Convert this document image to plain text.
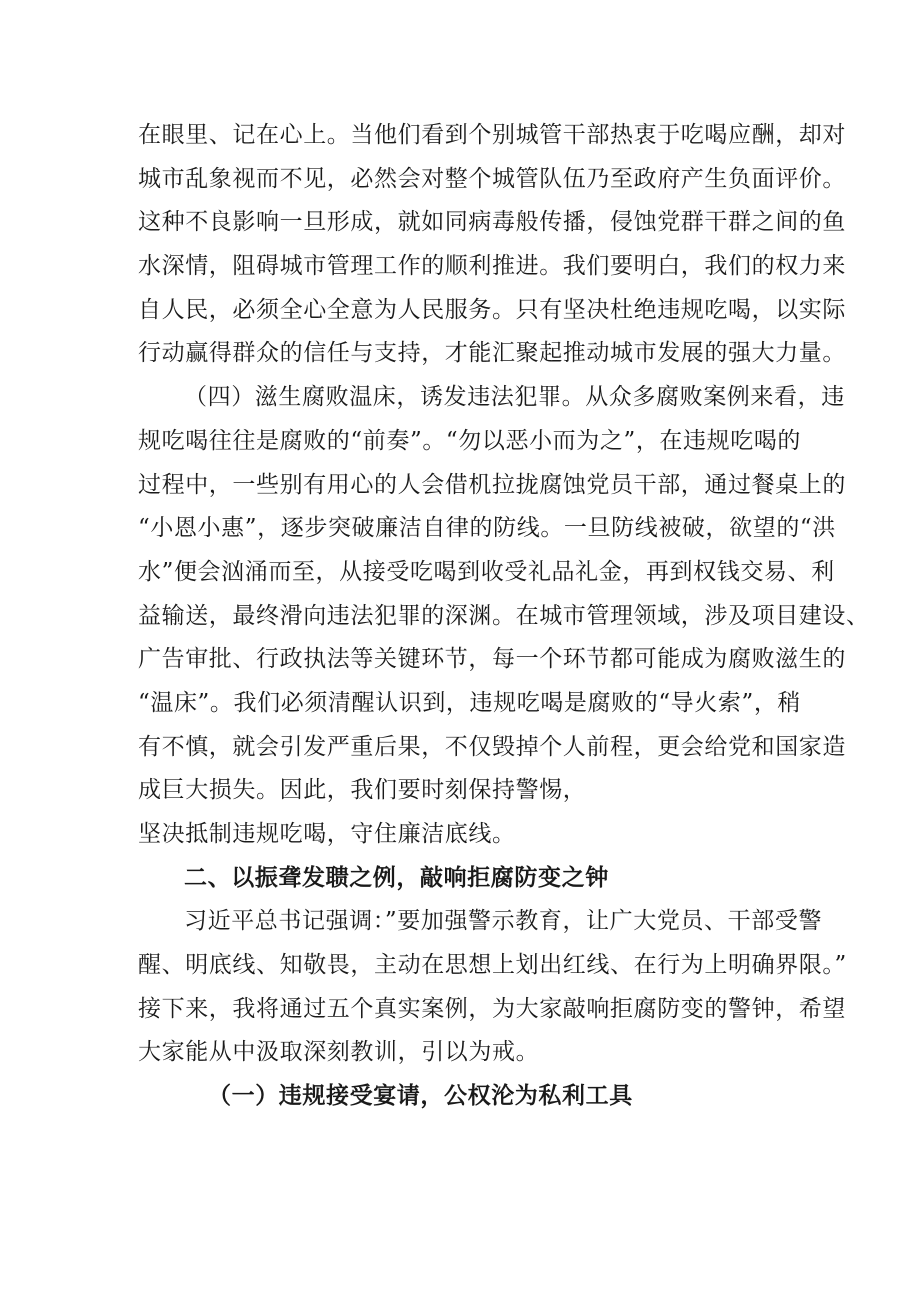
在眼里、记在心上。当他们看到个别城管干部热衷于吃喝应酬，却对
城市乱象视而不见，必然会对整个城管队伍乃至政府产生负面评价。
这种不良影响一旦形成，就如同病毒般传播，侵蚀党群干群之间的鱼
水深情，阻碍城市管理工作的顺利推进。我们要明白，我们的权力来
自人民，必须全心全意为人民服务。只有坚决杜绝违规吃喝，以实际
行动赢得群众的信任与支持，才能汇聚起推动城市发展的强大力量。
（四）滋生腐败温床，诱发违法犯罪。从众多腐败案例来看，违
规吃喝往往是腐败的“前奏”。“勿以恶小而为之”，在违规吃喝的
过程中，一些别有用心的人会借机拉拢腐蚀党员干部，通过餐桌上的
“小恩小惠”，逐步突破廉洁自律的防线。一旦防线被破，欲望的“洪
水”便会汹涌而至，从接受吃喝到收受礼品礼金，再到权钱交易、利
益输送，最终滑向违法犯罪的深渊。在城市管理领域，涉及项目建设、
广告审批、行政执法等关键环节，每一个环节都可能成为腐败滋生的
“温床”。我们必须清醒认识到，违规吃喝是腐败的“导火索”，稍
有不慎，就会引发严重后果，不仅毁掉个人前程，更会给党和国家造
成巨大损失。因此，我们要时刻保持警惕，
坚决抵制违规吃喝，守住廉洁底线。
二、以振聋发聩之例，敲响拒腐防变之钟
习近平总书记强调：”要加强警示教育，让广大党员、干部受警
醒、明底线、知敬畏，主动在思想上划出红线、在行为上明确界限。”
接下来，我将通过五个真实案例，为大家敲响拒腐防变的警钟，希望
大家能从中汲取深刻教训，引以为戒。
（一）违规接受宴请，公权沦为私利工具
